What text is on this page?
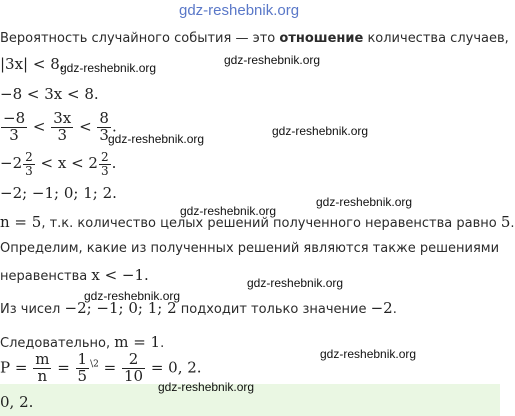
gdz-reshebnik.org
Вероятность случайного события — это отношение количества случаев,
|3x| < 8.
gdz-reshebnik.org
gdz-reshebnik.org
−8 < 3x < 8.
$\frac{-8}{3} < \frac{3x}{3} < \frac{8}{3}$ .
gdz-reshebnik.org
gdz-reshebnik.org
$-2 \frac{2}{3} < x < 2 \frac{2}{3}$ .
−2; −1; 0; 1; 2.	gdz-reshebnik.org
gdz-reshebnik.org
n = 5, т.к. количество целых решений полученного неравенства равно 5.
Определим, какие из полученных решений являются также решениями
неравенства x < −1.	gdz-reshebnik.org
gdz-reshebnik.org
Из чисел −2; −1; 0; 1; 2 подходит только значение −2.
Следовательно, m = 1.
gdz-reshebnik.org
$P = \frac{m}{n} = \frac{1}{5} ^{\backslash 2} = \frac{2}{10} = 0$, 2.
gdz-reshebnik.org
0, 2.
